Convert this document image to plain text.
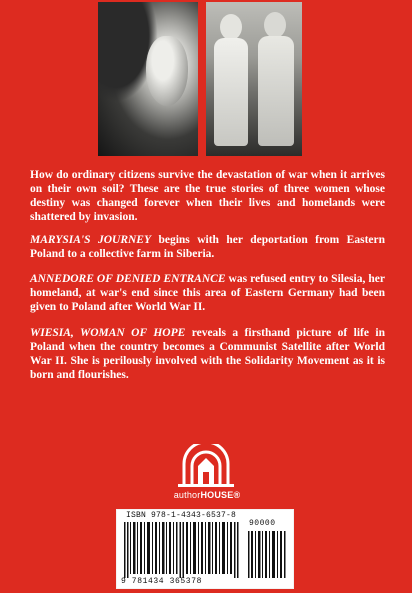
How do ordinary citizens survive the devastation of war when it arrives on their own soil? These are the true stories of three women whose destiny was changed forever when their lives and homelands were shattered by invasion.

MARYSIA'S JOURNEY begins with her deportation from Eastern Poland to a collective farm in Siberia.

ANNEDORE OF DENIED ENTRANCE was refused entry to Silesia, her homeland, at war's end since this area of Eastern Germany had been given to Poland after World War II.

WIESIA, WOMAN OF HOPE reveals a firsthand picture of life in Poland when the country becomes a Communist Satellite after World War II. She is perilously involved with the Solidarity Movement as it is born and flourishes.

authorHOUSE®
ISBN 978-1-4343-6537-8
90000
9 781434 365378
